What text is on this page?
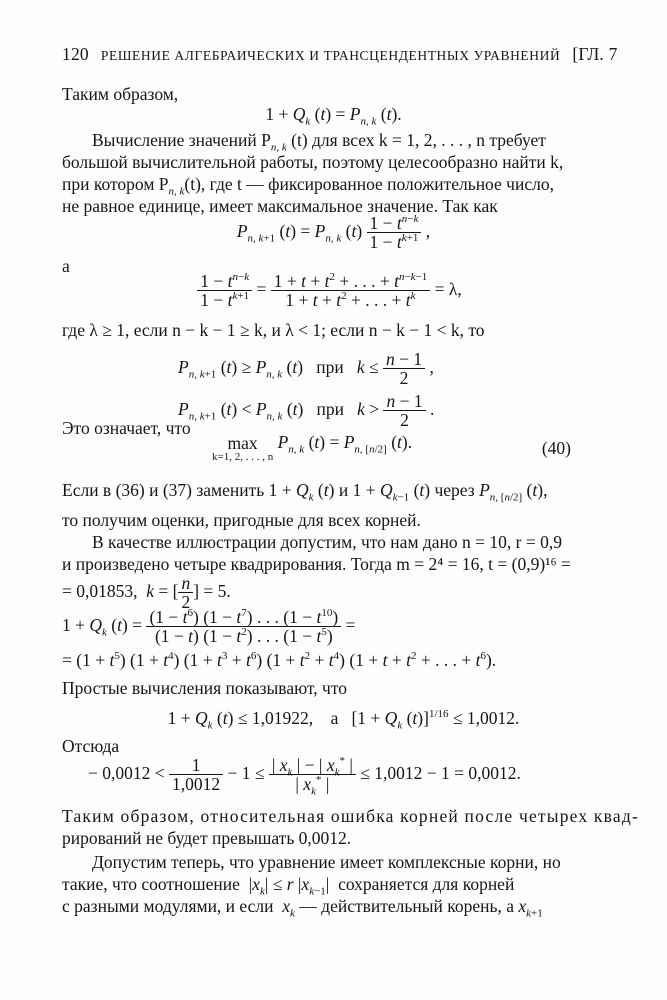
120 РЕШЕНИЕ АЛГЕБРАИЧЕСКИХ И ТРАНСЦЕНДЕНТНЫХ УРАВНЕНИЙ [ГЛ. 7
Таким образом,
$1 + Q_k$ $(t) = P_{n, k}$ (t).
Вычисление значений $P_{n, k}$ (t) для всех k = 1, 2, . . . , n требует
большой вычислительной работы, поэтому целесообразно найти k,
при котором $P_{n, k}(t)$, где t — фиксированное положительное число,
не равное единице, имеет максимальное значение. Так как
$P_{n, k+1}$ $(t) = P_{n, k}$ $(t) \frac{1 - t^{n-k}}{1 - t^{k+1}}$ ,
а
$\frac{1 - t^{n-k}}{1 - t^{k+1}} = \frac{1 + t + t^2 + . . . + t^{n-k-1}}{1 + t + t^2 + . . . + t^k} = \lambda$,
где λ ≥ 1, если n − k − 1 ≥ k, и λ < 1; если n − k − 1 < k, то
$P_{n, k+1}$ $(t) \ge P_{n, k}$ (t)   при $k \le \frac{n - 1}{2}$ ,
$P_{n, k+1}$ $(t) < P_{n, k}$ (t)   при $k > \frac{n - 1}{2}$ .
Это означает, что
max
k=1, 2, . . . , n
$P_{n, k}$ $(t) = P_{n, [n/2]}$ (t).	(40)
Если в (36) и (37) заменить $1 + Q_k$ (t) и $1 + Q_{k-1}$ (t) через $P_{n, [n/2]}$ (t),
то получим оценки, пригодные для всех корней.
В качестве иллюстрации допустим, что нам дано n = 10, r = 0,9
и произведено четыре квадрирования. Тогда m = 2⁴ = 16, t = (0,9)¹⁶ =
= 0,01853, k = [ $\frac{n}{2}$ ] = 5.
$1 + Q_k$ $(t) = \frac{(1 - t^6) (1 - t^7) . . . (1 - t^{10})}{(1 - t) (1 - t^2) . . . (1 - t^5)}$ =
= $(1 + t^5)$ $(1 + t^4)$ $(1 + t^3 + t^6)$ $(1 + t^2 + t^4)$ ($1 + t + t^2$ + . . . + $t^6$).
Простые вычисления показывают, что
$1 + Q_k$ (t) ≤ 1,01922,    а   [$1 + Q_k$ (t)]$^{1/16}$ ≤ 1,0012.
Отсюда
− $0,0012 < \frac{1}{1,0012} - 1 \le \frac{| x_k | - | x_k^* |}{| x_k^* |} \le 1,0012 - 1 = 0,0012$.
Таким образом, относительная ошибка корней после четырех квад-
рирований не будет превышать 0,0012.
Допустим теперь, что уравнение имеет комплексные корни, но
такие, что соотношение  $|x_k| \le r$ $|x_{k-1}|$  сохраняется для корней
с разными модулями, и если $x_k$ — действительный корень, а $x_{k+1}$
